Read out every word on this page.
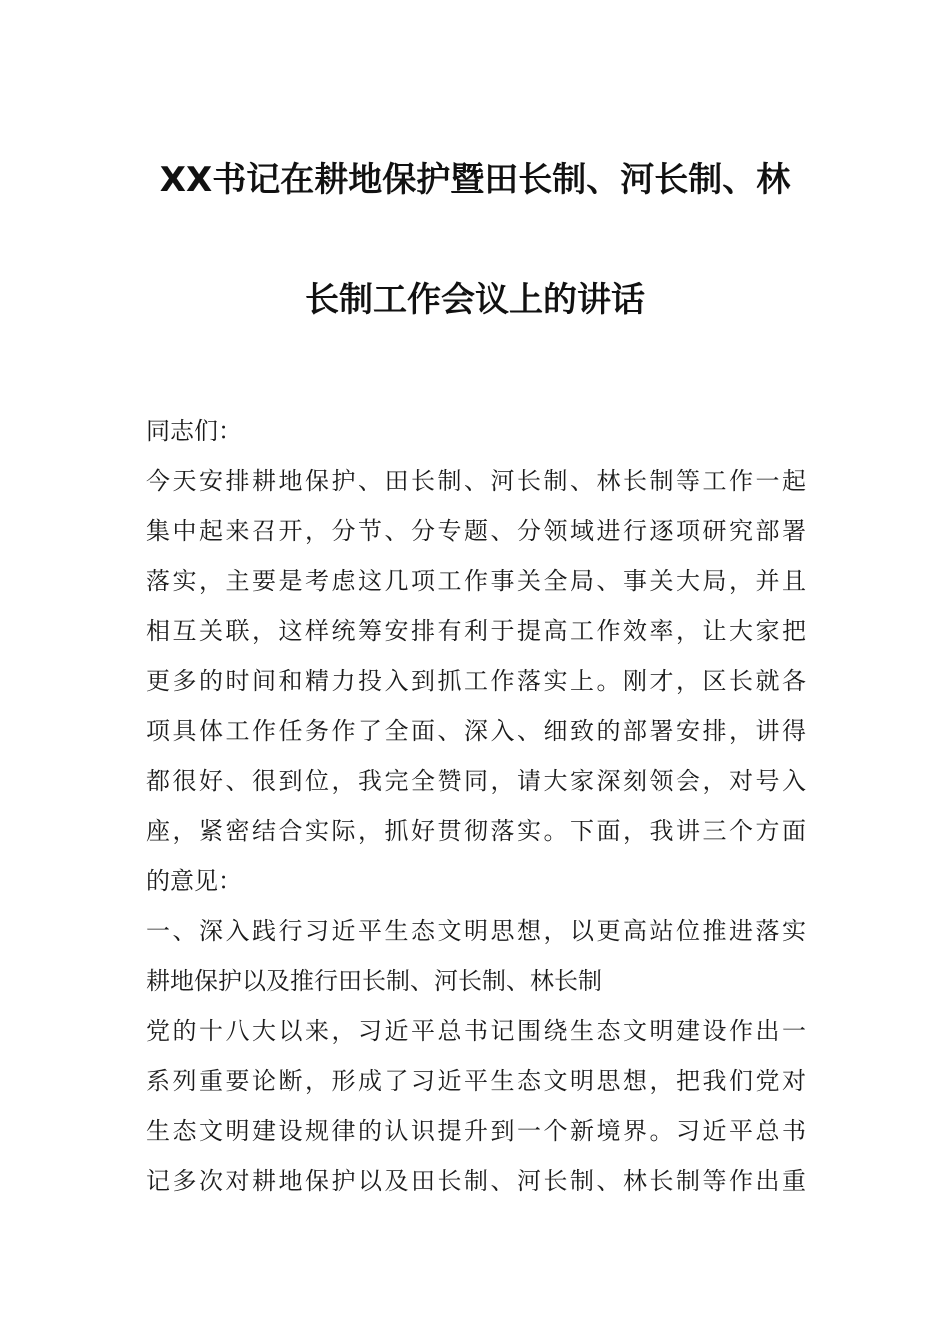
XX书记在耕地保护暨田长制、河长制、林
长制工作会议上的讲话
同志们：
今天安排耕地保护、田长制、河长制、林长制等工作一起
集中起来召开，分节、分专题、分领域进行逐项研究部署
落实，主要是考虑这几项工作事关全局、事关大局，并且
相互关联，这样统筹安排有利于提高工作效率，让大家把
更多的时间和精力投入到抓工作落实上。刚才，区长就各
项具体工作任务作了全面、深入、细致的部署安排，讲得
都很好、很到位，我完全赞同，请大家深刻领会，对号入
座，紧密结合实际，抓好贯彻落实。下面，我讲三个方面
的意见：
一、深入践行习近平生态文明思想，以更高站位推进落实
耕地保护以及推行田长制、河长制、林长制
党的十八大以来，习近平总书记围绕生态文明建设作出一
系列重要论断，形成了习近平生态文明思想，把我们党对
生态文明建设规律的认识提升到一个新境界。习近平总书
记多次对耕地保护以及田长制、河长制、林长制等作出重
